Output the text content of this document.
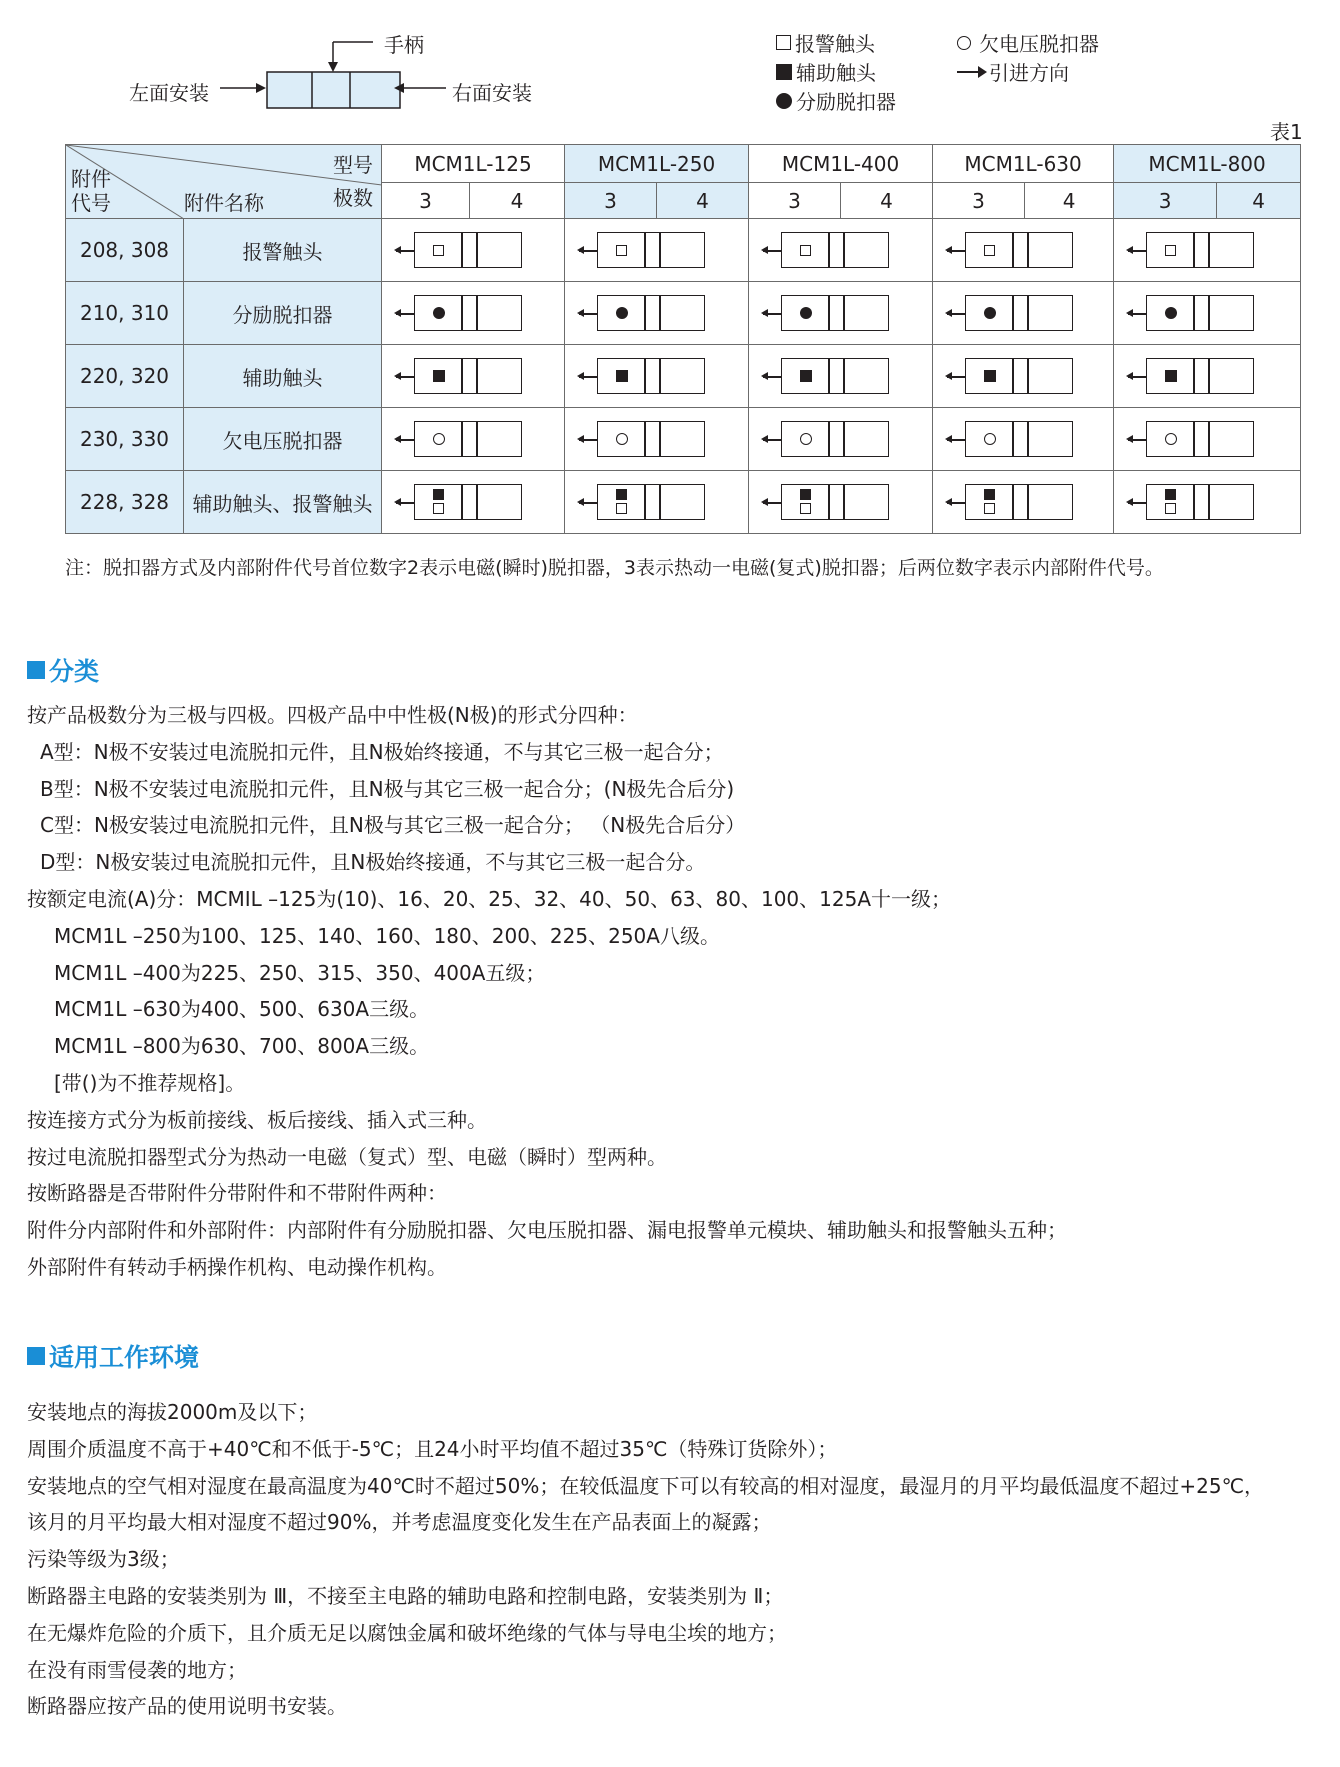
手柄
左面安装	右面安装
报警触头
辅助触头
分励脱扣器
欠电压脱扣器
引进方向
表1
型号
极数
附件代号 附件名称		MCM1L-125		MCM1L-250		MCM1L-400		MCM1L-630		MCM1L-800	
		3	4	3	4	3	4	3	4	3	4
208, 308	报警触头						

210, 310	分励脱扣器						

220, 320	辅助触头						

230, 330	欠电压脱扣器						

228, 328	辅助触头、报警触头						

注：脱扣器方式及内部附件代号首位数字2表示电磁(瞬时)脱扣器，3表示热动一电磁(复式)脱扣器；后两位数字表示内部附件代号。
分类
按产品极数分为三极与四极。四极产品中中性极(N极)的形式分四种：
A型：N极不安装过电流脱扣元件，且N极始终接通，不与其它三极一起合分；
B型：N极不安装过电流脱扣元件，且N极与其它三极一起合分；(N极先合后分)
C型：N极安装过电流脱扣元件，且N极与其它三极一起合分； （N极先合后分）
D型：N极安装过电流脱扣元件，且N极始终接通，不与其它三极一起合分。
按额定电流(A)分：MCMIL –125为(10)、16、20、25、32、40、50、63、80、100、125A十一级；
MCM1L –250为100、125、140、160、180、200、225、250A八级。
MCM1L –400为225、250、315、350、400A五级；
MCM1L –630为400、500、630A三级。
MCM1L –800为630、700、800A三级。
[带()为不推荐规格]。
按连接方式分为板前接线、板后接线、插入式三种。
按过电流脱扣器型式分为热动一电磁（复式）型、电磁（瞬时）型两种。
按断路器是否带附件分带附件和不带附件两种：
附件分内部附件和外部附件：内部附件有分励脱扣器、欠电压脱扣器、漏电报警单元模块、辅助触头和报警触头五种；
外部附件有转动手柄操作机构、电动操作机构。
适用工作环境
安装地点的海拔2000m及以下；
周围介质温度不高于+40℃和不低于-5℃；且24小时平均值不超过35℃（特殊订货除外）；
安装地点的空气相对湿度在最高温度为40℃时不超过50%；在较低温度下可以有较高的相对湿度，最湿月的月平均最低温度不超过+25℃，
该月的月平均最大相对湿度不超过90%，并考虑温度变化发生在产品表面上的凝露；
污染等级为3级；
断路器主电路的安装类别为 Ⅲ，不接至主电路的辅助电路和控制电路，安装类别为 Ⅱ；
在无爆炸危险的介质下，且介质无足以腐蚀金属和破坏绝缘的气体与导电尘埃的地方；
在没有雨雪侵袭的地方；
断路器应按产品的使用说明书安装。
